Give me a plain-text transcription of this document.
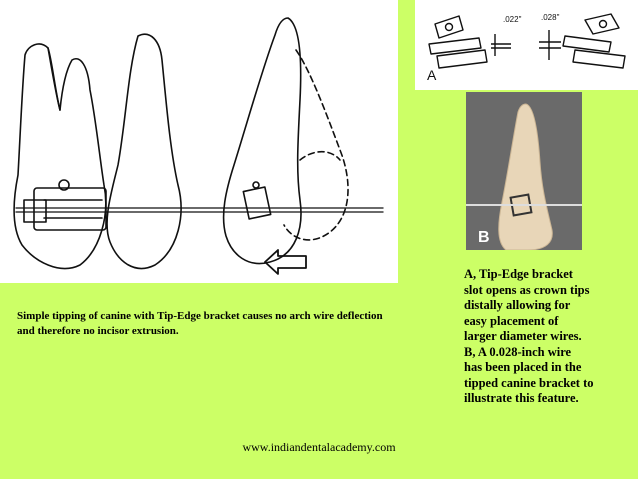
.022" .028"
A
B
Simple tipping of canine with Tip-Edge bracket causes no arch wire deflection and therefore no incisor extrusion.
A, Tip-Edge bracket
slot opens as crown tips
distally allowing for
easy placement of
larger diameter wires.
B, A 0.028-inch wire
has been placed in the
tipped canine bracket to
illustrate this feature.
www.indiandentalacademy.com
